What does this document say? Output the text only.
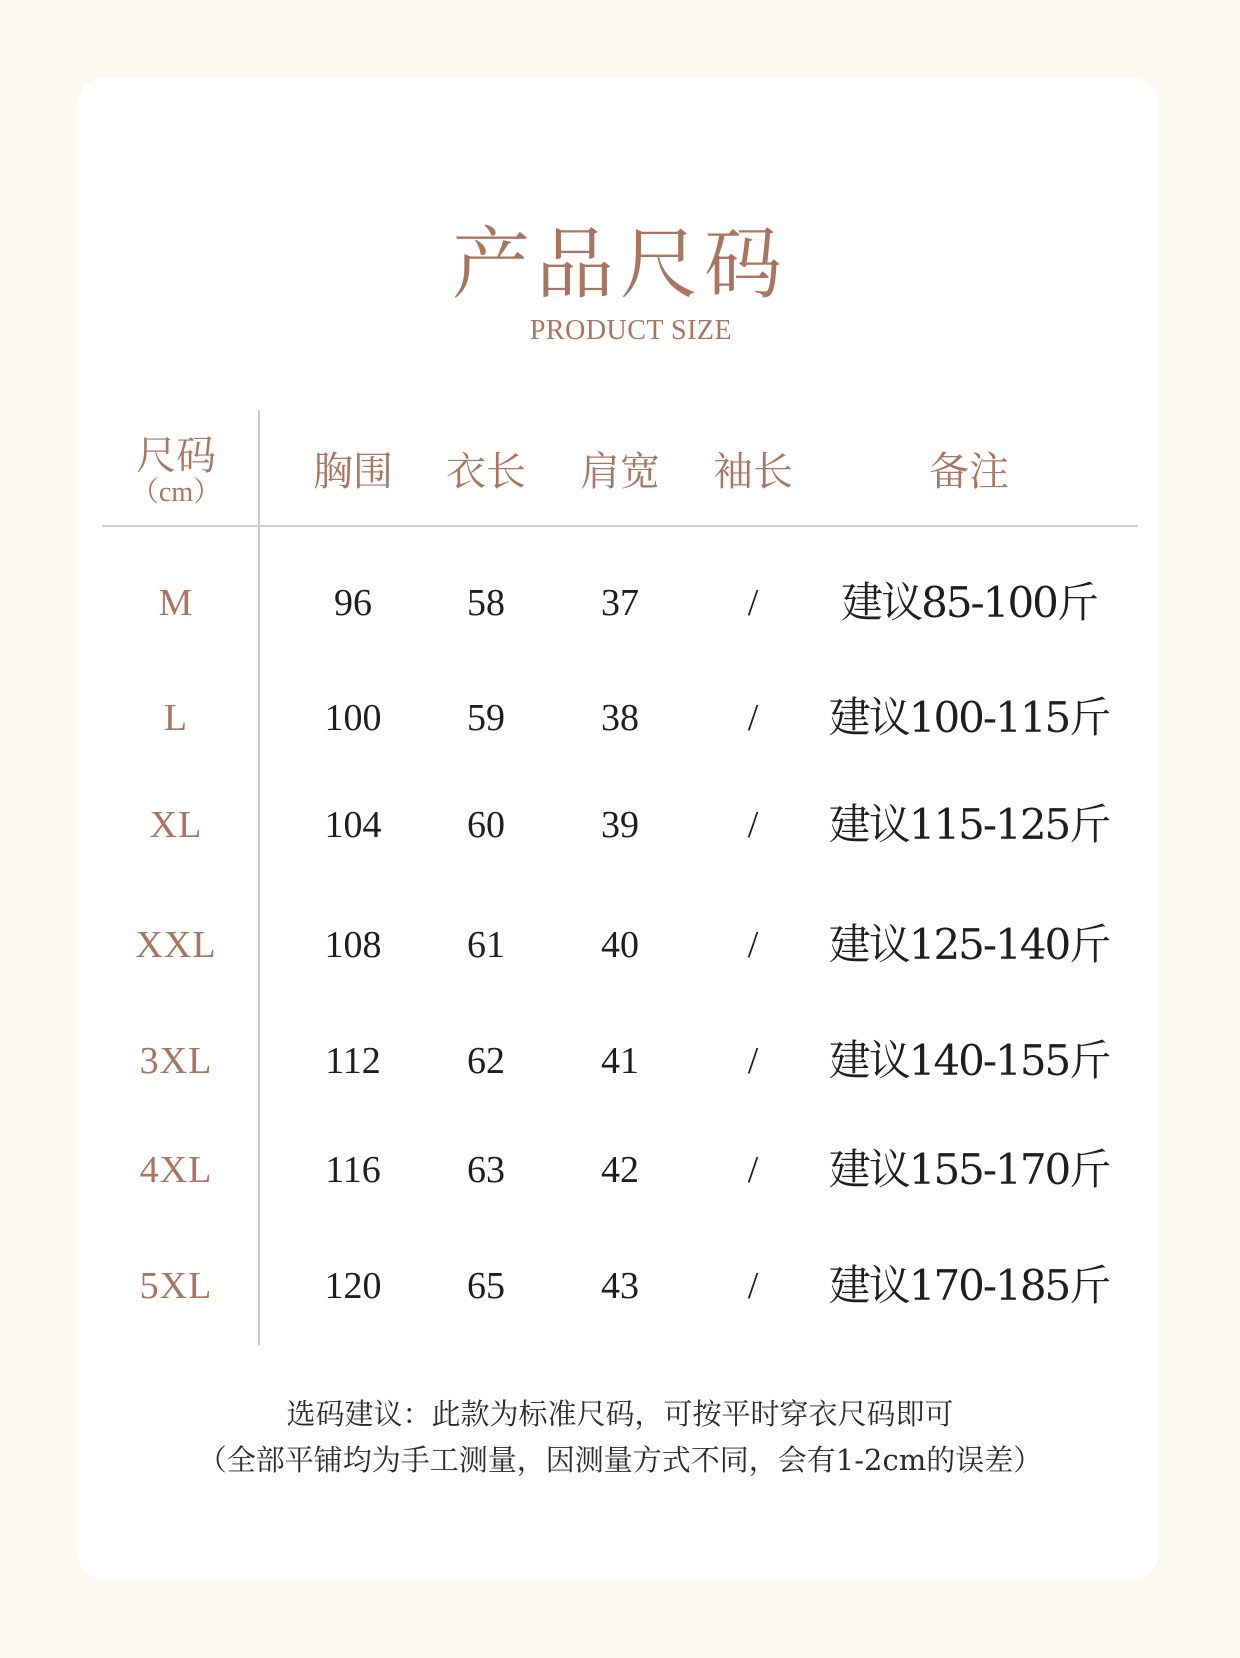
产品尺码
PRODUCT SIZE
尺码
（cm）	胸围	衣长	肩宽	袖长	备注
M	96	58	37	/	建议85-100斤
L	100	59	38	/	建议100-115斤
XL	104	60	39	/	建议115-125斤
XXL	108	61	40	/	建议125-140斤
3XL	112	62	41	/	建议140-155斤
4XL	116	63	42	/	建议155-170斤
5XL	120	65	43	/	建议170-185斤
选码建议：此款为标准尺码，可按平时穿衣尺码即可
（全部平铺均为手工测量，因测量方式不同，会有1-2cm的误差）
